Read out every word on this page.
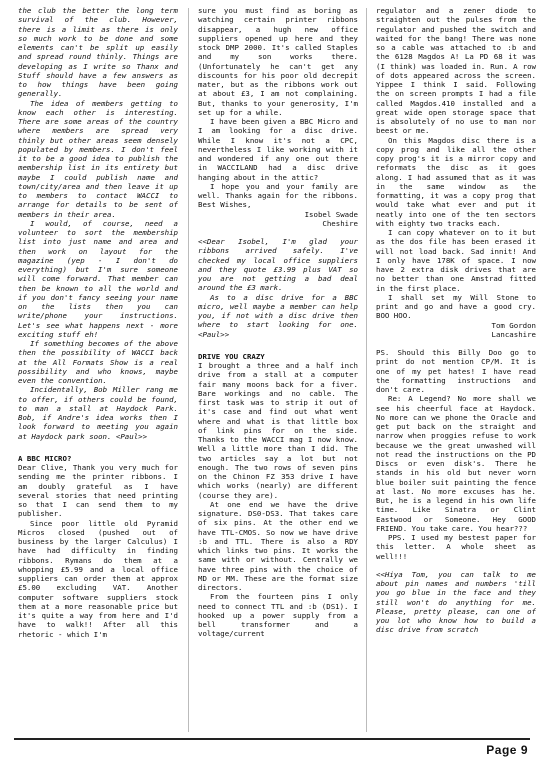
the club the better the long term survival of the club. However, there is a limit as there is only so much work to be done and some elements can't be split up easily and spread round thinly. Things are developing as I write so Thanx and Stuff should have a few answers as to how things have been going generally.

The idea of members getting to know each other is interesting. There are some areas of the country where members are spread very thinly but other areas seem densely populated by members. I don't feel it to be a good idea to publish the membership list in its entirety but maybe I could publish name and town/city/area and then leave it up to members to contact WACCI to arrange for details to be sent of members in their area.

I would, of course, need a volunteer to sort the membership list into just name and area and then work on layout for the magazine (yep - I don't do everything) but I'm sure someone will come forward. That member can then be known to all the world and if you don't fancy seeing your name on the lists then you can write/phone your instructions. Let's see what happens next - more exciting stuff eh!

If something becomes of the above then the possibility of WACCI back at the All Formats Show is a real possibility and who knows, maybe even the convention.

Incidentally, Bob Miller rang me to offer, if others could be found, to man a stall at Haydock Park. Bob, if Andre's idea works then I look forward to meeting you again at Haydock park soon. <Paul>>

A BBC MICRO?

Dear Clive, Thank you very much for sending me the printer ribbons. I am doubly grateful as I have several stories that need printing so that I can send them to my publisher.

Since poor little old Pyramid Micros closed (pushed out of business by the larger Calculus) I have had difficulty in finding ribbons. Rymans do them at a whopping £5.99 and a local office suppliers can order them at approx £5.00 excluding VAT. Another computer software suppliers stock them at a more reasonable price but it's quite a way from here and I'd have to walk!! After all this rhetoric - which I'm

sure you must find as boring as watching certain printer ribbons disappear, a hugh new office suppliers opened up here and they stock DMP 2000. It's called Staples and my son works there. (Unfortunately he can't get any discounts for his poor old decrepit mater, but as the ribbons work out at about £3, I am not complaining. But, thanks to your generosity, I'm set up for a while.

I have been given a BBC Micro and I am looking for a disc drive. While I know it's not a CPC, nevertheless I like working with it and wondered if any one out there in WACCILAND had a disc drive hanging about in the attic?

I hope you and your family are well. Thanks again for the ribbons. Best Wishes,

Isobel Swade

Cheshire

<<Dear Isobel, I'm glad your ribbons arrived safely. I've checked my local office suppliers and they quote £3.99 plus VAT so you are not getting a bad deal around the £3 mark.

As to a disc drive for a BBC micro, well maybe a member can help you, if not with a disc drive then where to start looking for one. <Paul>>

DRIVE YOU CRAZY

I brought a three and a half inch drive from a stall at a computer fair many moons back for a fiver. Bare workings and no cable. The first task was to strip it out of it's case and find out what went where and what is that little box of link pins for on the side. Thanks to the WACCI mag I now know. Well a little more than I did. The two articles say a lot but not enough. The two rows of seven pins on the Chinon FZ 353 drive I have which works (nearly) are different (course they are).

At one end we have the drive signature. DS0-DS3. That takes care of six pins. At the other end we have TTL-CMOS. So now we have drive :b and TTL. There is also a RDY which links two pins. It works the same with or without. Centrally we have three pins with the choice of MD or MM. These are the format size directors.

From the fourteen pins I only need to connect TTL and :b (DS1). I hooked up a power supply from a bell transformer and a voltage/current

regulator and a zener diode to straighten out the pulses from the regulator and pushed the switch and waited for the bang! There was none so a cable was attached to :b and the 6128 Magdos A! La PD 68 it was (I think) was loaded in. Run. A row of dots appeared across the screen. Yippee I think I said. Following the on screen prompts I had a file called Magdos.410 installed and a great wide open storage space that is absolutely of no use to man nor beest or me.

On this Magdos disc there is a copy prog and like all the other copy prog's it is a mirror copy and reformats the disc as it goes along. I had assumed that as it was in the same window as the formatting, it was a copy prog that would take what ever and put it neatly into one of the ten sectors with eighty two tracks each.

I can copy whatever on to it but as the dos file has been erased it will not load back. Sad innit! And I only have 178K of space. I now have 2 extra disk drives that are no better than one Amstrad fitted in the first place.

I shall set my Will Stone to print and go and have a good cry. BOO HOO.

Tom Gordon

Lancashire

PS. Should this Billy Doo go to print do not mention CP/M. It is one of my pet hates! I have read the formatting instructions and don't care.

Re: A Legend? No more shall we see his cheerful face at Haydock. No more can we phone the Oracle and get put back on the straight and narrow when proggies refuse to work because we the great unwashed will not read the instructions on the PD Discs or even disk's. There he stands in his old but never worn blue boiler suit painting the fence at last. No more excuses has he. But, he is a legend in his own life time. Like Sinatra or Clint Eastwood or Someone. Hey GOOD FRIEND. You take care. You hear???

PPS. I used my bestest paper for this letter. A whole sheet as well!!!

<<Hiya Tom, you can talk to me about pin names and numbers 'till you go blue in the face and they still won't do anything for me. Please, pretty please, can one of you lot who know how to build a disc drive from scratch

Page 9
